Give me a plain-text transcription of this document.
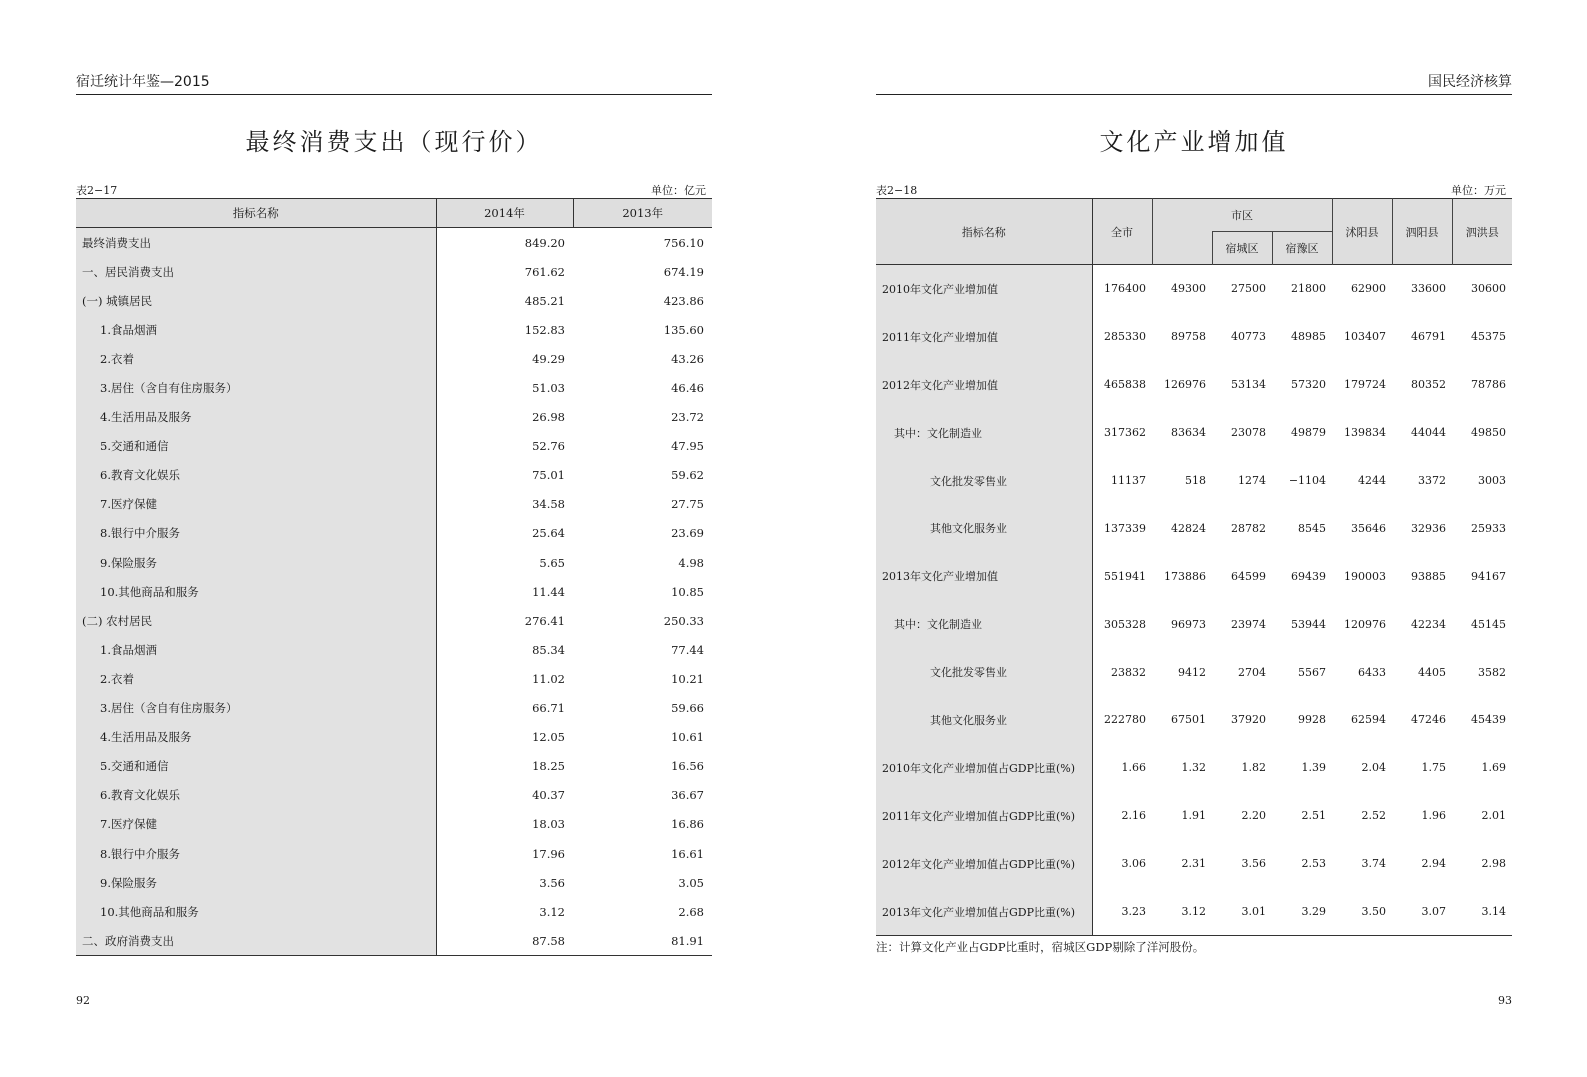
宿迁统计年鉴—2015
最终消费支出（现行价）
表2−17	单位：亿元
指标名称	2014年	2013年
最终消费支出	849.20	756.10
一、居民消费支出	761.62	674.19
(一) 城镇居民	485.21	423.86
1.食品烟酒	152.83	135.60
2.衣着	49.29	43.26
3.居住（含自有住房服务）	51.03	46.46
4.生活用品及服务	26.98	23.72
5.交通和通信	52.76	47.95
6.教育文化娱乐	75.01	59.62
7.医疗保健	34.58	27.75
8.银行中介服务	25.64	23.69
9.保险服务	5.65	4.98
10.其他商品和服务	11.44	10.85
(二) 农村居民	276.41	250.33
1.食品烟酒	85.34	77.44
2.衣着	11.02	10.21
3.居住（含自有住房服务）	66.71	59.66
4.生活用品及服务	12.05	10.61
5.交通和通信	18.25	16.56
6.教育文化娱乐	40.37	36.67
7.医疗保健	18.03	16.86
8.银行中介服务	17.96	16.61
9.保险服务	3.56	3.05
10.其他商品和服务	3.12	2.68
二、政府消费支出	87.58	81.91
92
国民经济核算
文化产业增加值
表2−18	单位：万元
指标名称	全市	市区			沭阳县	泗阳县	泗洪县
			宿城区	宿豫区			
2010年文化产业增加值	176400	49300	27500	21800	62900	33600	30600
2011年文化产业增加值	285330	89758	40773	48985	103407	46791	45375
2012年文化产业增加值	465838	126976	53134	57320	179724	80352	78786
其中：文化制造业	317362	83634	23078	49879	139834	44044	49850
文化批发零售业	11137	518	1274	−1104	4244	3372	3003
其他文化服务业	137339	42824	28782	8545	35646	32936	25933
2013年文化产业增加值	551941	173886	64599	69439	190003	93885	94167
其中：文化制造业	305328	96973	23974	53944	120976	42234	45145
文化批发零售业	23832	9412	2704	5567	6433	4405	3582
其他文化服务业	222780	67501	37920	9928	62594	47246	45439
2010年文化产业增加值占GDP比重(%)	1.66	1.32	1.82	1.39	2.04	1.75	1.69
2011年文化产业增加值占GDP比重(%)	2.16	1.91	2.20	2.51	2.52	1.96	2.01
2012年文化产业增加值占GDP比重(%)	3.06	2.31	3.56	2.53	3.74	2.94	2.98
2013年文化产业增加值占GDP比重(%)	3.23	3.12	3.01	3.29	3.50	3.07	3.14
注：计算文化产业占GDP比重时，宿城区GDP剔除了洋河股份。
93
